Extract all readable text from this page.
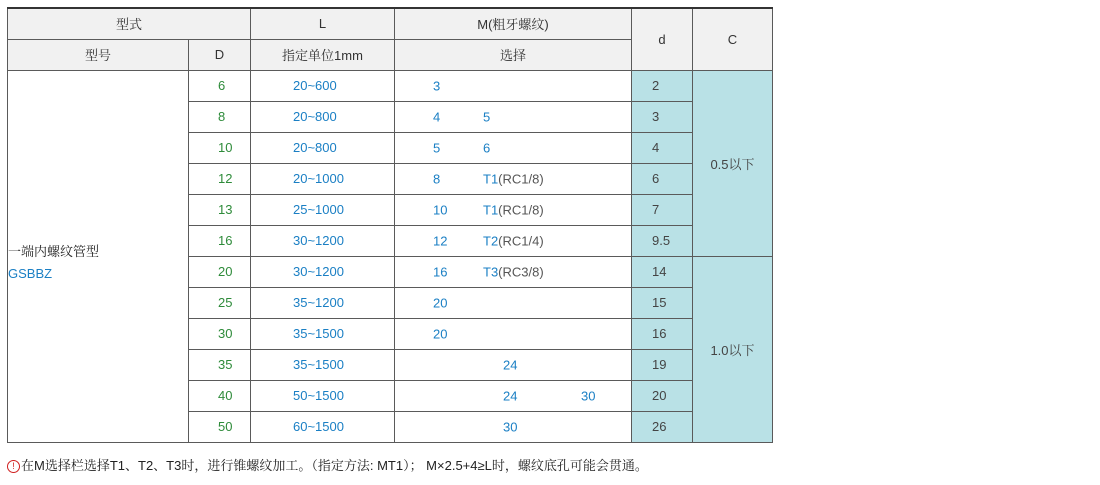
型式		L	M(粗牙螺纹)	d	C
型号	D	指定单位1mm	选择		

一端内螺纹管型
GSBBZ	6	20~600	3	2	0.5以下
	8	20~800	4 5	3	
	10	20~800	5 6	4	
	12	20~1000	8 T1(RC1/8)	6	
	13	25~1000	10 T1(RC1/8)	7	
	16	30~1200	12 T2(RC1/4)	9.5	
	20	30~1200	16 T3(RC3/8)	14	1.0以下
	25	35~1200	20	15	
	30	35~1500	20	16	
	35	35~1500	24	19	
	40	50~1500	24 30	20	
	50	60~1500	30	26	
! 在M选择栏选择T1、T2、T3时，进行锥螺纹加工。（指定方法: MT1）； M×2.5+4≥L时，螺纹底孔可能会贯通。
